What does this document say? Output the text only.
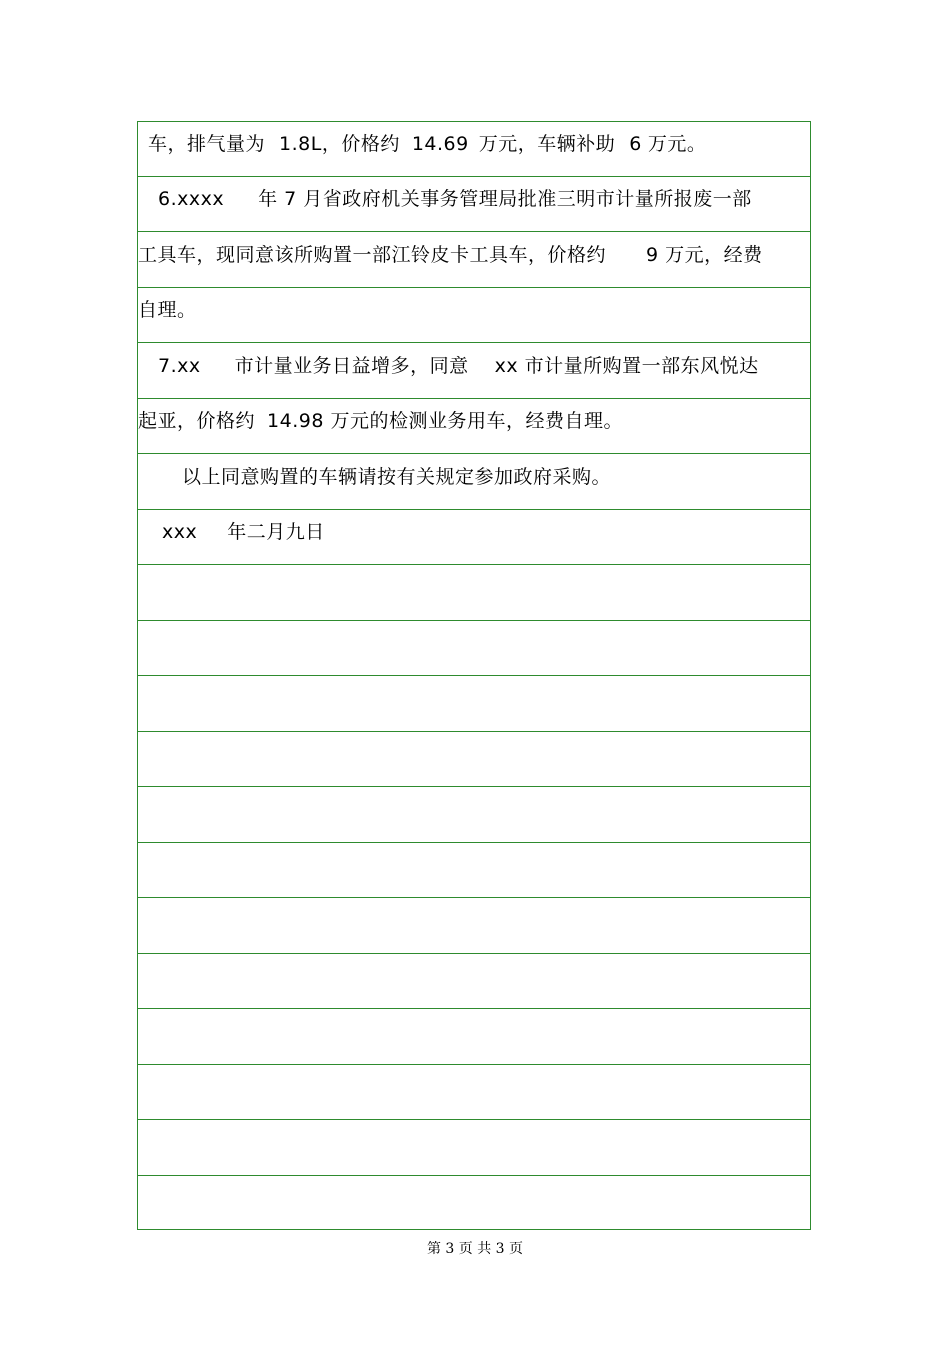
车，排气量为 1.8L，价格约 14.69 万元，车辆补助 6 万元。
6.xxxx 年 7 月省政府机关事务管理局批准三明市计量所报废一部
工具车，现同意该所购置一部江铃皮卡工具车，价格约 9 万元，经费
自理。
7.xx 市计量业务日益增多，同意 xx 市计量所购置一部东风悦达
起亚，价格约 14.98 万元的检测业务用车，经费自理。
以上同意购置的车辆请按有关规定参加政府采购。
xxx 年二月九日
第 3 页 共 3 页
